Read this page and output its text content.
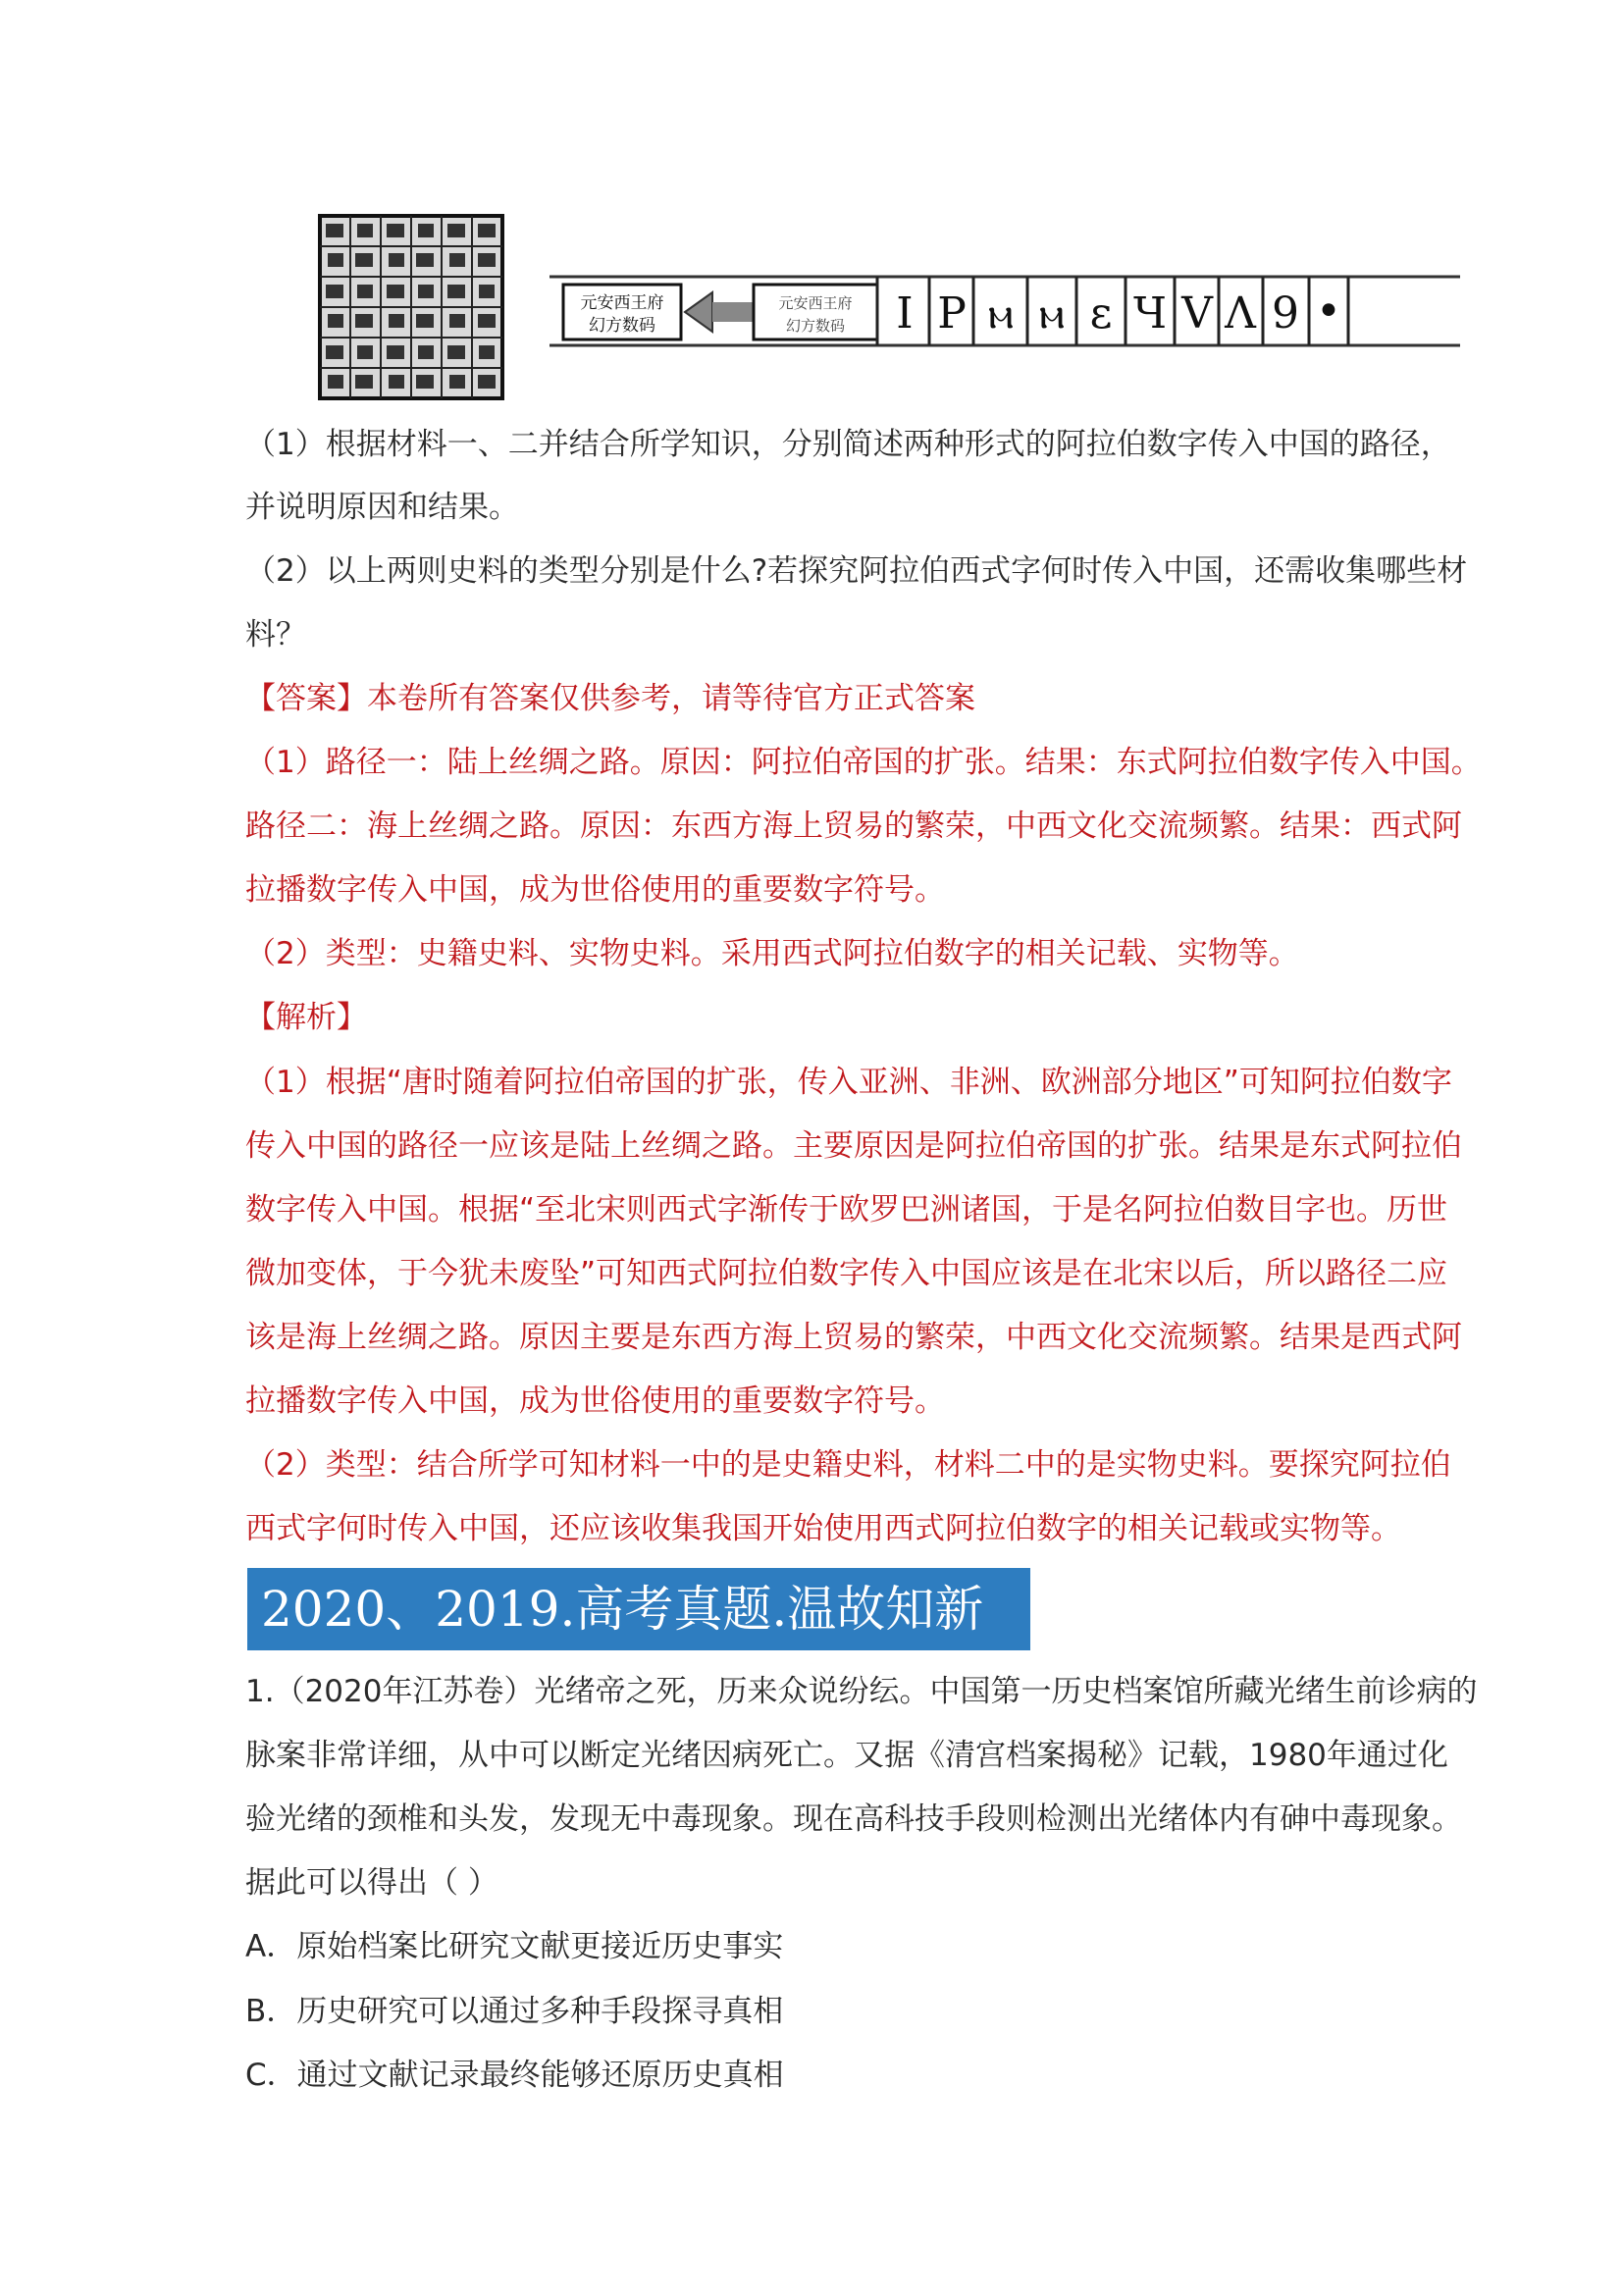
元安西王府
幻方数码
元安西王府
幻方数码 I Ρ ⲙ ⲙ ε Ч V Λ 9 •
（1）根据材料一、二并结合所学知识，分别简述两种形式的阿拉伯数字传入中国的路径，
并说明原因和结果。
（2）以上两则史料的类型分别是什么?若探究阿拉伯西式字何时传入中国，还需收集哪些材
料？
【答案】本卷所有答案仅供参考，请等待官方正式答案
（1）路径一：陆上丝绸之路。原因：阿拉伯帝国的扩张。结果：东式阿拉伯数字传入中国。
路径二：海上丝绸之路。原因：东西方海上贸易的繁荣，中西文化交流频繁。结果：西式阿
拉播数字传入中国，成为世俗使用的重要数字符号。
（2）类型：史籍史料、实物史料。采用西式阿拉伯数字的相关记载、实物等。
【解析】
（1）根据“唐时随着阿拉伯帝国的扩张，传入亚洲、非洲、欧洲部分地区”可知阿拉伯数字
传入中国的路径一应该是陆上丝绸之路。主要原因是阿拉伯帝国的扩张。结果是东式阿拉伯
数字传入中国。根据“至北宋则西式字渐传于欧罗巴洲诸国，于是名阿拉伯数目字也。历世
微加变体，于今犹未废坠”可知西式阿拉伯数字传入中国应该是在北宋以后，所以路径二应
该是海上丝绸之路。原因主要是东西方海上贸易的繁荣，中西文化交流频繁。结果是西式阿
拉播数字传入中国，成为世俗使用的重要数字符号。
（2）类型：结合所学可知材料一中的是史籍史料，材料二中的是实物史料。要探究阿拉伯
西式字何时传入中国，还应该收集我国开始使用西式阿拉伯数字的相关记载或实物等。
2020、2019.高考真题.温故知新
1.（2020年江苏卷）光绪帝之死，历来众说纷纭。中国第一历史档案馆所藏光绪生前诊病的
脉案非常详细，从中可以断定光绪因病死亡。又据《清宫档案揭秘》记载，1980年通过化
验光绪的颈椎和头发，发现无中毒现象。现在高科技手段则检测出光绪体内有砷中毒现象。
据此可以得出（ ）
A．原始档案比研究文献更接近历史事实
B．历史研究可以通过多种手段探寻真相
C．通过文献记录最终能够还原历史真相
